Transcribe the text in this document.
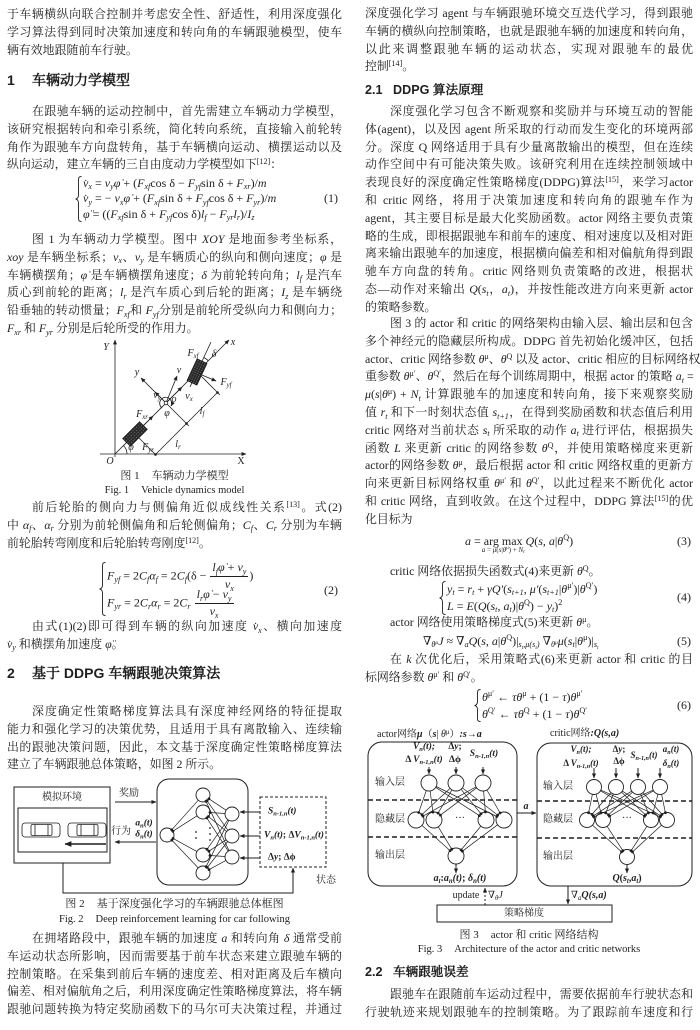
于车辆横纵向联合控制并考虑安全性、舒适性，利用深度强化
学习算法得到同时决策加速度和转向角的车辆跟驰模型，使车
辆有效地跟随前车行驶。
1 车辆动力学模型
在跟驰车辆的运动控制中，首先需建立车辆动力学模型，
该研究根据转向和牵引系统，简化转向系统，直接输入前轮转
角作为跟驰车方向盘转角，基于车辆横向运动、横摆运动以及
纵向运动，建立车辆的三自由度动力学模型如下[12]：
$v̇_x$ = $v_y\varphi̇ + (F_{xf}\cos$ $\delta - F_{yf}\sin$ $\delta + F_{xr})/m$
$v̇_y$ = − $v_x\varphi̇ + (F_{xf}\sin$ $\delta + F_{yf}\cos$ $\delta + F_{yr})/m$
φ̈ = (($F_{xf}\sin$ $\delta + F_{yf}\cos$ $\delta)l_f - F_{yr}l_r)/I_z$
(1)
图 1 为车辆动力学模型。图中 XOY 是地面参考坐标系，
xoy 是车辆坐标系；$v_x$、$v_y$ 是车辆质心的纵向和侧向速度；φ 是
车辆横摆角；φ̇ 是车辆横摆角速度；δ 为前轮转向角；$l_f$ 是汽车
质心到前轮的距离；$l_r$ 是汽车质心到后轮的距离；$I_z$ 是车辆绕
铅垂轴的转动惯量；$F_{xf}$和 $F_{yf}$分别是前轮所受纵向力和侧向力；
$F_{xr}$ 和 $F_{yr}$ 分别是后轮所受的作用力。
Y
X
O
x
y	v
$v_x$
$v_y$ o
φ
φ
$F_{xf}$
$F_{yf}$
$F_{xr}$
$F_{yr}$
$l_f$
$l_r$
δ
图 1 车辆动力学模型
Fig. 1 Vehicle dynamics model
前后轮胎的侧向力与侧偏角近似成线性关系[13]。式(2)
中 $\alpha_f$、$\alpha_r$ 分别为前轮侧偏角和后轮侧偏角；$C_f$、$C_r$ 分别为车辆
前轮胎转弯刚度和后轮胎转弯刚度[12]。
$F_{yf} = 2C_f\alpha_f = 2C_f(\delta - \frac{l_f\varphi̇ + v_y}{v_x}$ )
$F_{yr} = 2C_r\alpha_r = 2C_r \frac{l_r\varphi̇ - v_y}{v_x}$	(2)
由式(1)(2)即可得到车辆的纵向加速度 $v̇_x$、横向加速度
$v̇_y$ 和横摆角加速度 φ̈。
2 基于 DDPG 车辆跟驰决策算法
深度确定性策略梯度算法具有深度神经网络的特征提取
能力和强化学习的决策优势，且适用于具有离散输入、连续输
出的跟驰决策问题，因此，本文基于深度确定性策略梯度算法
建立了车辆跟驰总体策略，如图 2 所示。
模拟环境	奖励
行为
$a_n(t)$
$\delta_n(t)$
$S_{n-1,n}(t)$
$V_n(t)$; $\Delta V_{n-1,n}(t)$
Δy; Δϕ
状态
图 2 基于深度强化学习的车辆跟驰总体框图
Fig. 2 Deep reinforcement learning for car following
在拥堵路段中，跟驰车辆的加速度 a 和转向角 δ 通常受前
车运动状态所影响，因而需要基于前车状态来建立跟驰车辆的
控制策略。在采集到前后车辆的速度差、相对距离及后车横向
偏差、相对偏航角之后，利用深度确定性策略梯度算法，将车辆
跟驰问题转换为特定奖励函数下的马尔可夫决策过程，并通过
深度强化学习 agent 与车辆跟驰环境交互迭代学习，得到跟驰
车辆的横纵向控制策略，也就是跟驰车辆的加速度和转向角，
以此来调整跟驰车辆的运动状态，实现对跟驰车的最优
控制[14]。
2.1 DDPG 算法原理
深度强化学习包含不断观察和奖励并与环境互动的智能
体(agent)，以及因 agent 所采取的行动而发生变化的环境两部
分。深度 Q 网络适用于具有少量离散输出的模型，但在连续
动作空间中有可能决策失败。该研究利用在连续控制领域中
表现良好的深度确定性策略梯度(DDPG)算法[15]，来学习actor
和 critic 网络，将用于决策加速度和转向角的跟驰车作为
agent，其主要目标是最大化奖励函数。actor 网络主要负责策
略的生成，即根据跟驰车和前车的速度、相对速度以及相对距
离来输出跟驰车的加速度，根据横向偏差和相对偏航角得到跟
驰车方向盘的转角。critic 网络则负责策略的改进，根据状
态—动作对来输出 $Q(s_t$，$a_t$)，并按性能改进方向来更新 actor
的策略参数。
图 3 的 actor 和 critic 的网络架构由输入层、输出层和包含
多个神经元的隐藏层所构成。DDPG 首先初始化缓冲区，包括
actor、critic 网络参数 $\theta^\mu$、$\theta^Q$ 以及 actor、critic 相应的目标网络权
重参数 $\theta^{\mu'}$、$\theta^{Q'}$，然后在每个训练周期中，根据 actor 的策略 $a_t$ =
$\mu(s|\theta^\mu) + N_t$ 计算跟驰车的加速度和转向角，接下来观察奖励
值 $r_t$ 和下一时刻状态值 $s_{t+1}$，在得到奖励函数和状态值后利用
critic 网络对当前状态 $s_t$ 所采取的动作 $a_t$ 进行评估，根据损失
函数 L 来更新 critic 的网络参数 $\theta^Q$，并使用策略梯度来更新
actor的网络参数 $\theta^\mu$，最后根据 actor 和 critic 网络权重的更新方
向来更新目标网络权重 $\theta^{\mu'}$ 和 $\theta^{Q'}$，以此过程来不断优化 actor
和 critic 网络，直到收敛。在这个过程中，DDPG 算法[15]的优
化目标为
a = arg max
$a = \mu(s|\theta^\mu) + N_t$
Q(s, $a|\theta^Q$)	(3)
critic 网络依据损失函数式(4)来更新 $\theta^Q$。
$y_t = r_t + \gamma Q'(s_{t+1}$, $\mu'(s_{t+1}|\theta^{\mu'})|\theta^{Q'}$)
$L = E(Q(s_t$, $a_t)|\theta^Q) - y_t)^2$	(4)
actor 网络使用策略梯度式(5)来更新 $\theta^\mu$。
$\nabla_{\theta^\mu}J \approx \nabla_aQ(s$, $a|\theta^Q)|_{s_t,\mu(s_t)}$ $\nabla_{\theta^\mu}\mu(s_t|\theta^\mu)|_{s_t}$
(5)
在 k 次优化后，采用策略式(6)来更新 actor 和 critic 的目
标网络参数 $\theta^{\mu'}$ 和 $\theta^{Q'}$。
$\theta^{\mu'}$ ← $\tau\theta^\mu + (1 - \tau)\theta^{\mu'}$
$\theta^{Q'}$ ← $\tau\theta^Q + (1 - \tau)\theta^{Q'}$	(6)
actor网络μ（s| $\theta^\mu):s\to a$	critic网络:Q(s,a)
$V_n(t)$;
Δ $V_{n-1,n}(t)$
Δy;
Δϕ
$S_{n-1,n}(t)$	$V_n(t)$;
Δ $V_{n-1,n}(t)$
Δy;
Δϕ
$S_{n-1,n}(t)$
$a_n(t)$
$\delta_n(t)$
输入层
隐藏层
输出层
输入层
隐藏层
输出层
···	···
$a_t:a_n(t)$; $\delta_n(t)$	$Q(s_t,a_t)$
a
update $\nabla_\theta J$	$\nabla_aQ(s,a)$
策略梯度
图 3 actor 和 critic 网络结构
Fig. 3 Architecture of the actor and critic networks
2.2 车辆跟驰误差
跟驰车在跟随前车运动过程中，需要依据前车行驶状态和
行驶轨迹来规划跟驰车的控制策略。为了跟踪前车速度和行
